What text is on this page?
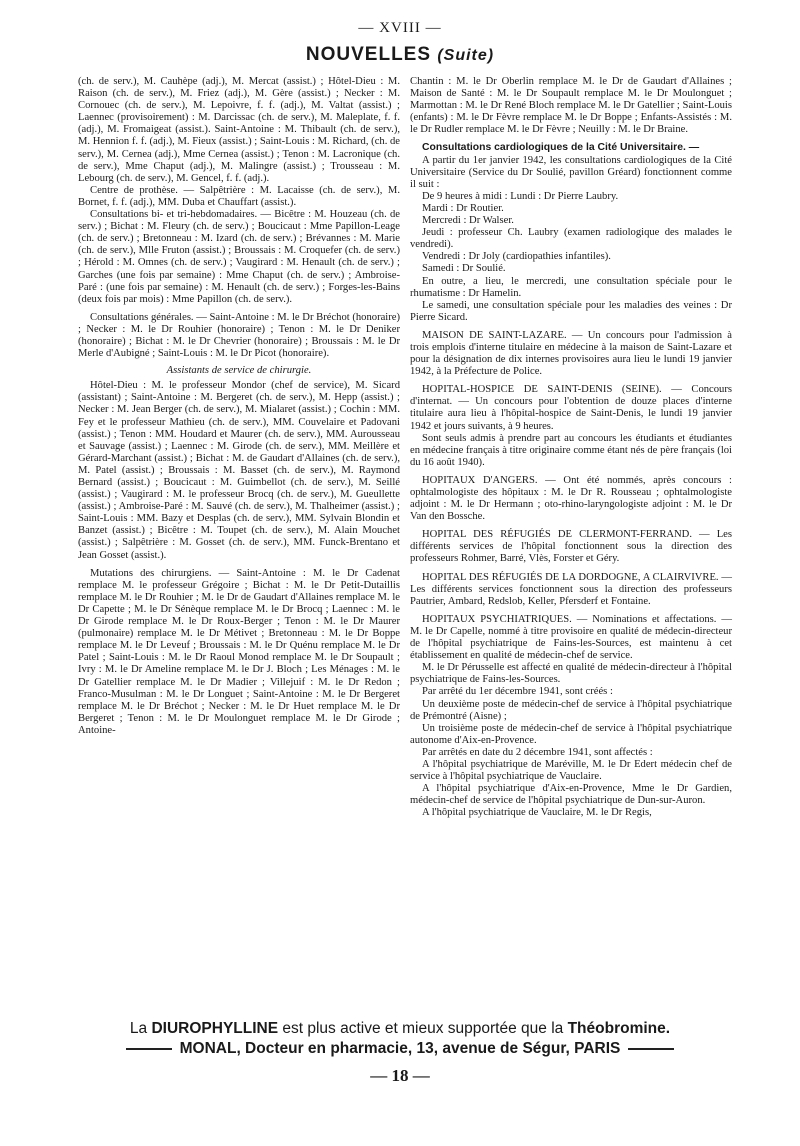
— XVIII —
NOUVELLES (Suite)

(ch. de serv.), M. Cauhèpe (adj.), M. Mercat (assist.) ; Hôtel-Dieu : M. Raison (ch. de serv.), M. Friez (adj.), M. Gère (assist.) ; Necker : M. Cornouec (ch. de serv.), M. Lepoivre, f. f. (adj.), M. Valtat (assist.) ; Laennec (provisoirement) : M. Darcissac (ch. de serv.), M. Maleplate, f. f. (adj.), M. Fromaigeat (assist.). Saint-Antoine : M. Thibault (ch. de serv.), M. Hennion f. f. (adj.), M. Fieux (assist.) ; Saint-Louis : M. Richard, (ch. de serv.), M. Cernea (adj.), Mme Cernea (assist.) ; Tenon : M. Lacronique (ch. de serv.), Mme Chaput (adj.), M. Malingre (assist.) ; Trousseau : M. Lebourg (ch. de serv.), M. Gencel, f. f. (adj.).

Centre de prothèse. — Salpêtrière : M. Lacaisse (ch. de serv.), M. Bornet, f. f. (adj.), MM. Duba et Chauffart (assist.).

Consultations bi- et tri-hebdomadaires. — Bicêtre : M. Houzeau (ch. de serv.) ; Bichat : M. Fleury (ch. de serv.) ; Boucicaut : Mme Papillon-Leage (ch. de serv.) ; Bretonneau : M. Izard (ch. de serv.) ; Brévannes : M. Marie (ch. de serv.), Mlle Fruton (assist.) ; Broussais : M. Croquefer (ch. de serv.) ; Hérold : M. Omnes (ch. de serv.) ; Vaugirard : M. Henault (ch. de serv.) ; Garches (une fois par semaine) : Mme Chaput (ch. de serv.) ; Ambroise-Paré : (une fois par semaine) : M. Henault (ch. de serv.) ; Forges-les-Bains (deux fois par mois) : Mme Papillon (ch. de serv.).

Consultations générales. — Saint-Antoine : M. le Dr Bréchot (honoraire) ; Necker : M. le Dr Rouhier (honoraire) ; Tenon : M. le Dr Deniker (honoraire) ; Bichat : M. le Dr Chevrier (honoraire) ; Broussais : M. le Dr Merle d'Aubigné ; Saint-Louis : M. le Dr Picot (honoraire).

Assistants de service de chirurgie.

Hôtel-Dieu : M. le professeur Mondor (chef de service), M. Sicard (assistant) ; Saint-Antoine : M. Bergeret (ch. de serv.), M. Hepp (assist.) ; Necker : M. Jean Berger (ch. de serv.), M. Mialaret (assist.) ; Cochin : MM. Fey et le professeur Mathieu (ch. de serv.), MM. Couvelaire et Padovani (assist.) ; Tenon : MM. Houdard et Maurer (ch. de serv.), MM. Aurousseau et Sauvage (assist.) ; Laennec : M. Girode (ch. de serv.), MM. Meillère et Gérard-Marchant (assist.) ; Bichat : M. de Gaudart d'Allaines (ch. de serv.), M. Patel (assist.) ; Broussais : M. Basset (ch. de serv.), M. Raymond Bernard (assist.) ; Boucicaut : M. Guimbellot (ch. de serv.), M. Seillé (assist.) ; Vaugirard : M. le professeur Brocq (ch. de serv.), M. Gueullette (assist.) ; Ambroise-Paré : M. Sauvé (ch. de serv.), M. Thalheimer (assist.) ; Saint-Louis : MM. Bazy et Desplas (ch. de serv.), MM. Sylvain Blondin et Banzet (assist.) ; Bicêtre : M. Toupet (ch. de serv.), M. Alain Mouchet (assist.) ; Salpêtrière : M. Gosset (ch. de serv.), MM. Funck-Brentano et Jean Gosset (assist.).

Mutations des chirurgiens. — Saint-Antoine : M. le Dr Cadenat remplace M. le professeur Grégoire ; Bichat : M. le Dr Petit-Dutaillis remplace M. le Dr Rouhier ; M. le Dr de Gaudart d'Allaines remplace M. le Dr Capette ; M. le Dr Sénèque remplace M. le Dr Brocq ; Laennec : M. le Dr Girode remplace M. le Dr Roux-Berger ; Tenon : M. le Dr Maurer (pulmonaire) remplace M. le Dr Métivet ; Bretonneau : M. le Dr Boppe remplace M. le Dr Leveuf ; Broussais : M. le Dr Quénu remplace M. le Dr Patel ; Saint-Louis : M. le Dr Raoul Monod remplace M. le Dr Soupault ; Ivry : M. le Dr Ameline remplace M. le Dr J. Bloch ; Les Ménages : M. le Dr Gatellier remplace M. le Dr Madier ; Villejuif : M. le Dr Redon ; Franco-Musulman : M. le Dr Longuet ; Saint-Antoine : M. le Dr Bergeret remplace M. le Dr Bréchot ; Necker : M. le Dr Huet remplace M. le Dr Bergeret ; Tenon : M. le Dr Moulonguet remplace M. le Dr Girode ; Antoine-

Chantin : M. le Dr Oberlin remplace M. le Dr de Gaudart d'Allaines ; Maison de Santé : M. le Dr Soupault remplace M. le Dr Moulonguet ; Marmottan : M. le Dr René Bloch remplace M. le Dr Gatellier ; Saint-Louis (enfants) : M. le Dr Fèvre remplace M. le Dr Boppe ; Enfants-Assistés : M. le Dr Rudler remplace M. le Dr Fèvre ; Neuilly : M. le Dr Braine.

Consultations cardiologiques de la Cité Universitaire. —

A partir du 1er janvier 1942, les consultations cardiologiques de la Cité Universitaire (Service du Dr Soulié, pavillon Gréard) fonctionnent comme il suit :

De 9 heures à midi : Lundi : Dr Pierre Laubry.

Mardi : Dr Routier.

Mercredi : Dr Walser.

Jeudi : professeur Ch. Laubry (examen radiologique des malades le vendredi).

Vendredi : Dr Joly (cardiopathies infantiles).

Samedi : Dr Soulié.

En outre, a lieu, le mercredi, une consultation spéciale pour le rhumatisme : Dr Hamelin.

Le samedi, une consultation spéciale pour les maladies des veines : Dr Pierre Sicard.

MAISON DE SAINT-LAZARE. — Un concours pour l'admission à trois emplois d'interne titulaire en médecine à la maison de Saint-Lazare et pour la désignation de dix internes provisoires aura lieu le lundi 19 janvier 1942, à la Préfecture de Police.

HOPITAL-HOSPICE DE SAINT-DENIS (SEINE). — Concours d'internat. — Un concours pour l'obtention de douze places d'interne titulaire aura lieu à l'hôpital-hospice de Saint-Denis, le lundi 19 janvier 1942 et jours suivants, à 9 heures.

Sont seuls admis à prendre part au concours les étudiants et étudiantes en médecine français à titre originaire comme étant nés de père français (loi du 16 août 1940).

HOPITAUX D'ANGERS. — Ont été nommés, après concours : ophtalmologiste des hôpitaux : M. le Dr R. Rousseau ; ophtalmologiste adjoint : M. le Dr Hermann ; oto-rhino-laryngologiste adjoint : M. le Dr Van den Bossche.

HOPITAL DES RÉFUGIÉS DE CLERMONT-FERRAND. — Les différents services de l'hôpital fonctionnent sous la direction des professeurs Rohmer, Barré, Vlès, Forster et Géry.

HOPITAL DES RÉFUGIÉS DE LA DORDOGNE, A CLAIRVIVRE. — Les différents services fonctionnent sous la direction des professeurs Pautrier, Ambard, Redslob, Keller, Pfersderf et Fontaine.

HOPITAUX PSYCHIATRIQUES. — Nominations et affectations. — M. le Dr Capelle, nommé à titre provisoire en qualité de médecin-directeur de l'hôpital psychiatrique de Fains-les-Sources, est maintenu à cet établissement en qualité de médecin-chef de service.

M. le Dr Pérusselle est affecté en qualité de médecin-directeur à l'hôpital psychiatrique de Fains-les-Sources.

Par arrêté du 1er décembre 1941, sont créés :

Un deuxième poste de médecin-chef de service à l'hôpital psychiatrique de Prémontré (Aisne) ;

Un troisième poste de médecin-chef de service à l'hôpital psychiatrique autonome d'Aix-en-Provence.

Par arrêtés en date du 2 décembre 1941, sont affectés :

A l'hôpital psychiatrique de Maréville, M. le Dr Edert médecin chef de service à l'hôpital psychiatrique de Vauclaire.

A l'hôpital psychiatrique d'Aix-en-Provence, Mme le Dr Gardien, médecin-chef de service de l'hôpital psychiatrique de Dun-sur-Auron.

A l'hôpital psychiatrique de Vauclaire, M. le Dr Regis,

La DIUROPHYLLINE est plus active et mieux supportée que la Théobromine.
MONAL, Docteur en pharmacie, 13, avenue de Ségur, PARIS
— 18 —
